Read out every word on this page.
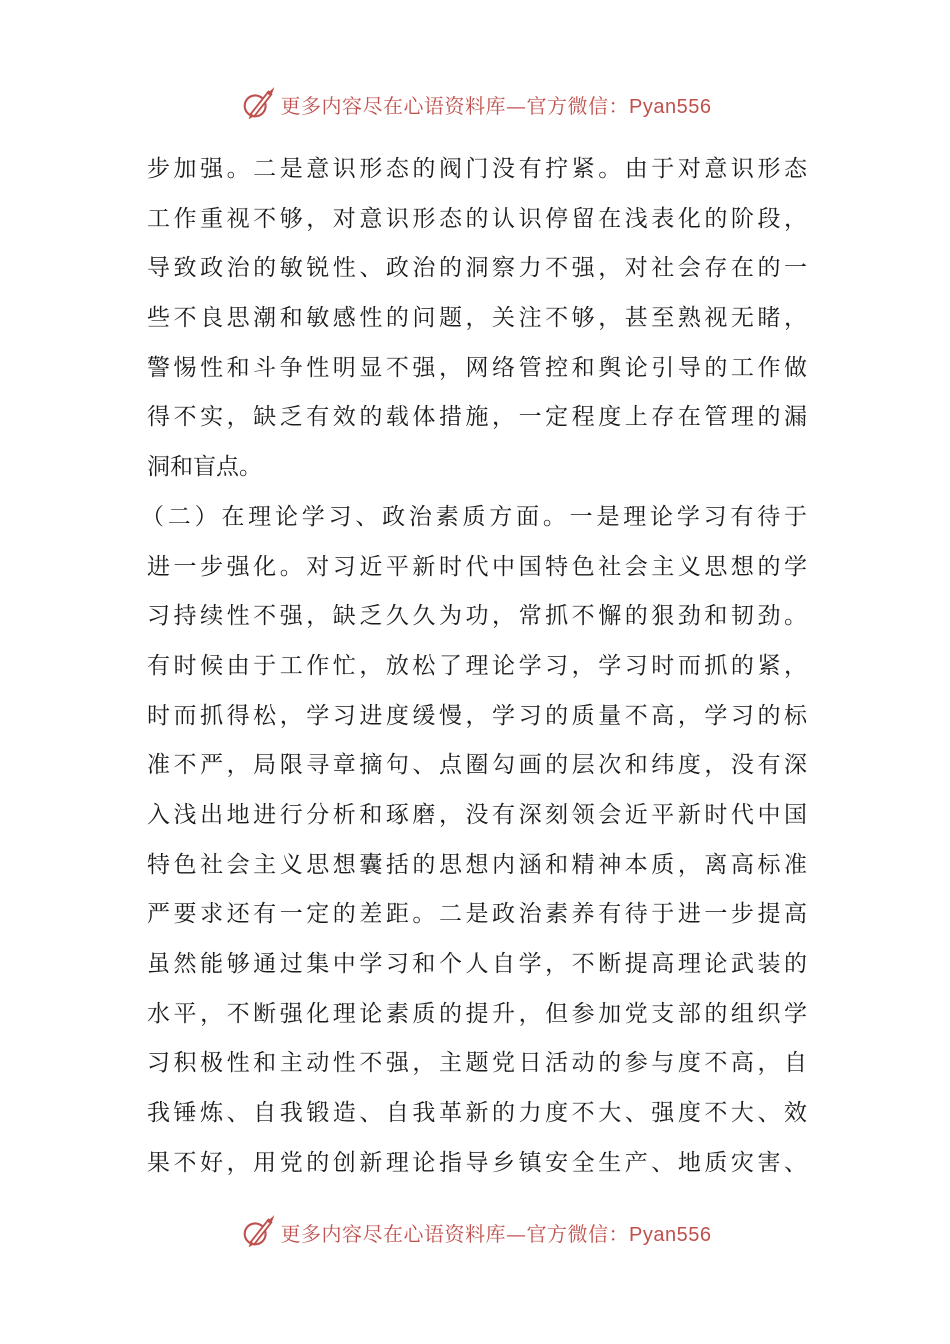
更多内容尽在心语资料库—官方微信：Pyan556
步加强。二是意识形态的阀门没有拧紧。由于对意识形态
工作重视不够，对意识形态的认识停留在浅表化的阶段，
导致政治的敏锐性、政治的洞察力不强，对社会存在的一
些不良思潮和敏感性的问题，关注不够，甚至熟视无睹，
警惕性和斗争性明显不强，网络管控和舆论引导的工作做
得不实，缺乏有效的载体措施，一定程度上存在管理的漏
洞和盲点。
（二）在理论学习、政治素质方面。一是理论学习有待于
进一步强化。对习近平新时代中国特色社会主义思想的学
习持续性不强，缺乏久久为功，常抓不懈的狠劲和韧劲。
有时候由于工作忙，放松了理论学习，学习时而抓的紧，
时而抓得松，学习进度缓慢，学习的质量不高，学习的标
准不严，局限寻章摘句、点圈勾画的层次和纬度，没有深
入浅出地进行分析和琢磨，没有深刻领会近平新时代中国
特色社会主义思想囊括的思想内涵和精神本质，离高标准
严要求还有一定的差距。二是政治素养有待于进一步提高
虽然能够通过集中学习和个人自学，不断提高理论武装的
水平，不断强化理论素质的提升，但参加党支部的组织学
习积极性和主动性不强，主题党日活动的参与度不高，自
我锤炼、自我锻造、自我革新的力度不大、强度不大、效
果不好，用党的创新理论指导乡镇安全生产、地质灾害、
更多内容尽在心语资料库—官方微信：Pyan556
